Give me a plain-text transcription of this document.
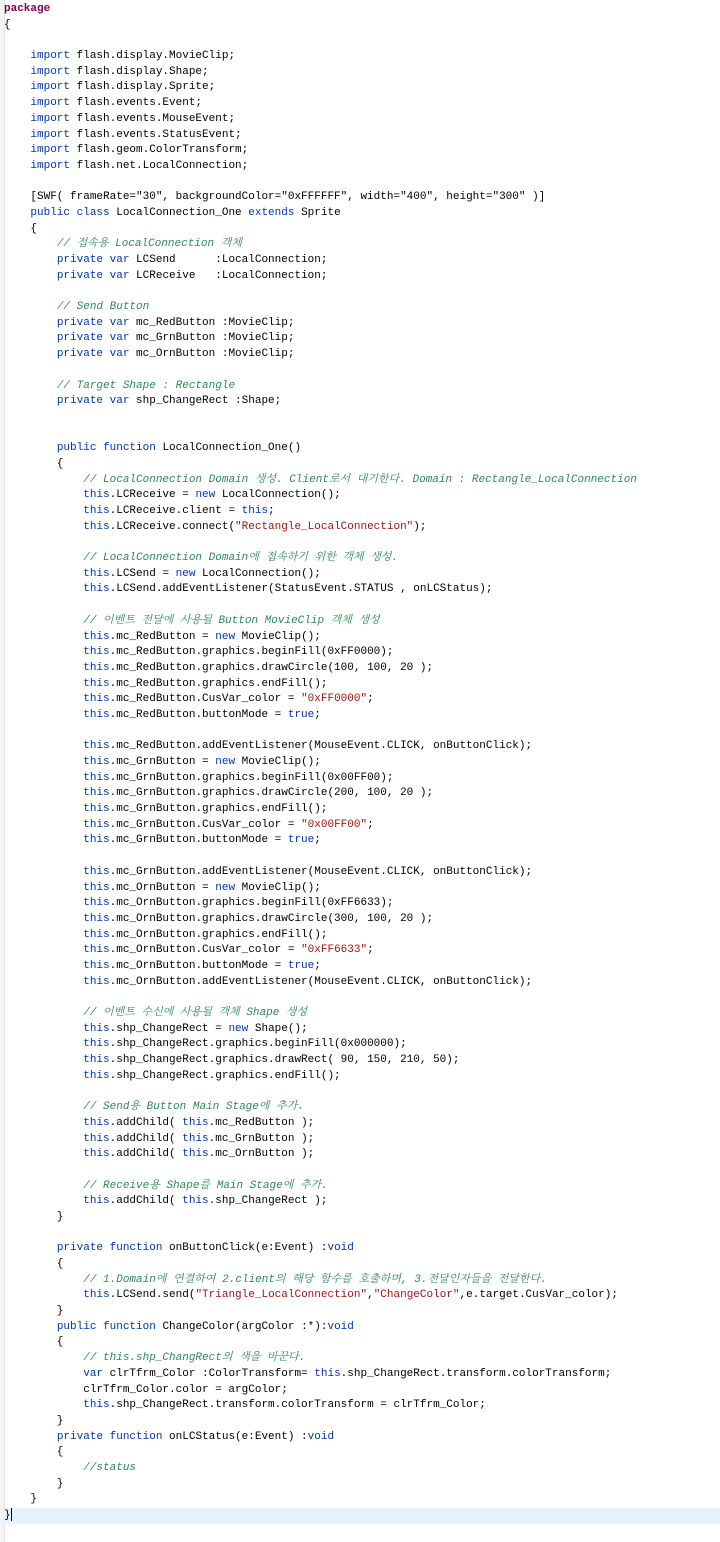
package
{
import flash.display.MovieClip;
import flash.display.Shape;
import flash.display.Sprite;
import flash.events.Event;
import flash.events.MouseEvent;
import flash.events.StatusEvent;
import flash.geom.ColorTransform;
import flash.net.LocalConnection;
[SWF( frameRate="30", backgroundColor="0xFFFFFF", width="400", height="300" )]
public class LocalConnection_One extends Sprite
{
// 접속용 LocalConnection 객체
private var LCSend      :LocalConnection;
private var LCReceive   :LocalConnection;
// Send Button
private var mc_RedButton :MovieClip;
private var mc_GrnButton :MovieClip;
private var mc_OrnButton :MovieClip;
// Target Shape : Rectangle
private var shp_ChangeRect :Shape;
public function LocalConnection_One()
{
// LocalConnection Domain 생성. Client로서 대기한다. Domain : Rectangle_LocalConnection
this.LCReceive = new LocalConnection();
this.LCReceive.client = this;
this.LCReceive.connect("Rectangle_LocalConnection");
// LocalConnection Domain에 접속하기 위한 객체 생성.
this.LCSend = new LocalConnection();
this.LCSend.addEventListener(StatusEvent.STATUS , onLCStatus);
// 이벤트 전달에 사용될 Button MovieClip 객체 생성
this.mc_RedButton = new MovieClip();
this.mc_RedButton.graphics.beginFill(0xFF0000);
this.mc_RedButton.graphics.drawCircle(100, 100, 20 );
this.mc_RedButton.graphics.endFill();
this.mc_RedButton.CusVar_color = "0xFF0000";
this.mc_RedButton.buttonMode = true;
this.mc_RedButton.addEventListener(MouseEvent.CLICK, onButtonClick);
this.mc_GrnButton = new MovieClip();
this.mc_GrnButton.graphics.beginFill(0x00FF00);
this.mc_GrnButton.graphics.drawCircle(200, 100, 20 );
this.mc_GrnButton.graphics.endFill();
this.mc_GrnButton.CusVar_color = "0x00FF00";
this.mc_GrnButton.buttonMode = true;
this.mc_GrnButton.addEventListener(MouseEvent.CLICK, onButtonClick);
this.mc_OrnButton = new MovieClip();
this.mc_OrnButton.graphics.beginFill(0xFF6633);
this.mc_OrnButton.graphics.drawCircle(300, 100, 20 );
this.mc_OrnButton.graphics.endFill();
this.mc_OrnButton.CusVar_color = "0xFF6633";
this.mc_OrnButton.buttonMode = true;
this.mc_OrnButton.addEventListener(MouseEvent.CLICK, onButtonClick);
// 이벤트 수신에 사용될 객체 Shape 생성
this.shp_ChangeRect = new Shape();
this.shp_ChangeRect.graphics.beginFill(0x000000);
this.shp_ChangeRect.graphics.drawRect( 90, 150, 210, 50);
this.shp_ChangeRect.graphics.endFill();
// Send용 Button Main Stage에 추가.
this.addChild( this.mc_RedButton );
this.addChild( this.mc_GrnButton );
this.addChild( this.mc_OrnButton );
// Receive용 Shape를 Main Stage에 추가.
this.addChild( this.shp_ChangeRect );
}
private function onButtonClick(e:Event) :void
{
// 1.Domain에 연결하여 2.client의 해당 함수를 호출하며, 3.전달인자들을 전달한다.
this.LCSend.send("Triangle_LocalConnection","ChangeColor",e.target.CusVar_color);
}
public function ChangeColor(argColor :*):void
{
// this.shp_ChangRect의 색을 바꾼다.
var clrTfrm_Color :ColorTransform= this.shp_ChangeRect.transform.colorTransform;
clrTfrm_Color.color = argColor;
this.shp_ChangeRect.transform.colorTransform = clrTfrm_Color;
}
private function onLCStatus(e:Event) :void
{
//status
}
}
}
